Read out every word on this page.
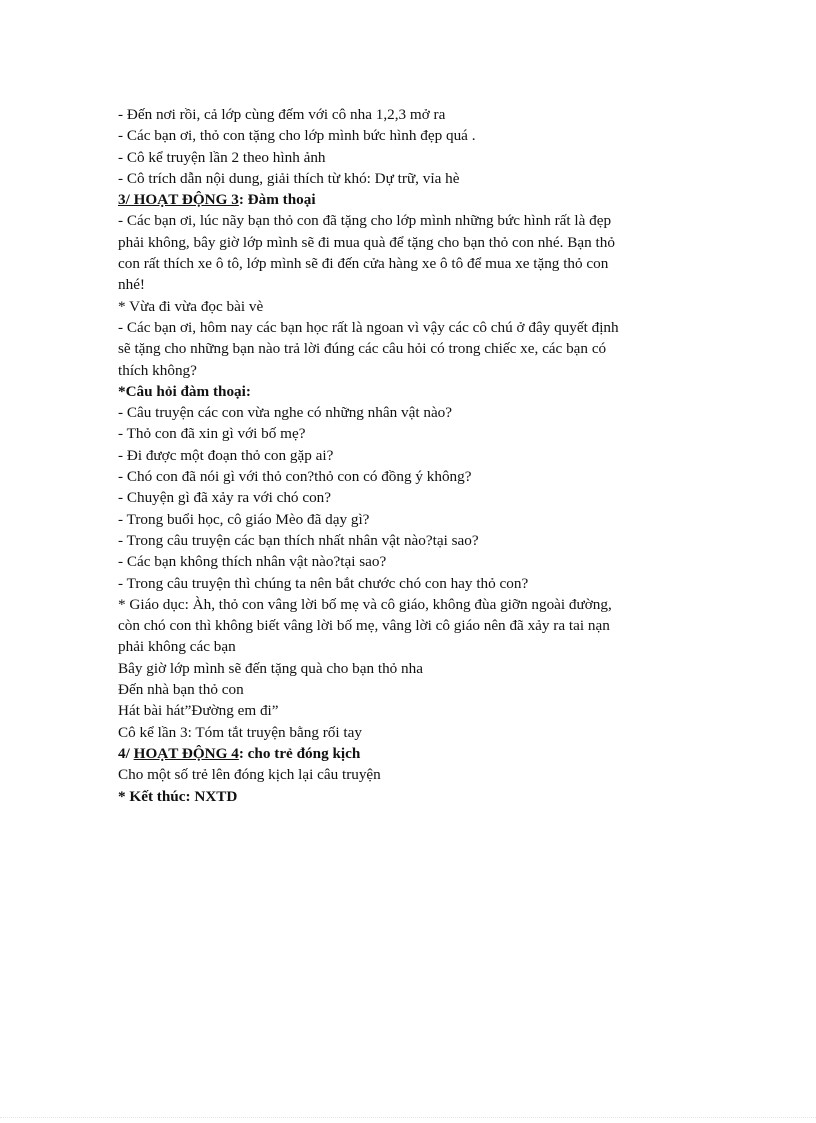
- Đến nơi rồi, cả lớp cùng đếm với cô nha 1,2,3 mở ra
- Các bạn ơi, thỏ con tặng cho lớp mình bức hình đẹp quá .
- Cô kể truyện lần 2 theo hình ảnh
- Cô trích dẫn nội dung, giải thích từ khó: Dự trữ, vỉa hè
3/ HOẠT ĐỘNG 3: Đàm thoại
- Các bạn ơi, lúc nãy bạn thỏ con đã tặng cho lớp mình những bức hình rất là đẹp
phải không, bây giờ lớp mình sẽ đi mua quà để tặng cho bạn thỏ con nhé. Bạn thỏ
con rất thích xe ô tô, lớp mình sẽ đi đến cửa hàng xe ô tô để mua xe tặng thỏ con
nhé!
* Vừa đi vừa đọc bài vè
- Các bạn ơi, hôm nay các bạn học rất là ngoan vì vậy các cô chú ở đây quyết định
sẽ tặng cho những bạn nào trả lời đúng các câu hỏi có trong chiếc xe, các bạn có
thích không?
*Câu hỏi đàm thoại:
- Câu truyện các con vừa nghe có những nhân vật nào?
- Thỏ con đã xin gì với bố mẹ?
- Đi được một đoạn thỏ con gặp ai?
- Chó con đã nói gì với thỏ con?thỏ con có đồng ý không?
- Chuyện gì đã xảy ra với chó con?
- Trong buổi học, cô giáo Mèo đã dạy gì?
- Trong câu truyện các bạn thích nhất nhân vật nào?tại sao?
- Các bạn không thích nhân vật nào?tại sao?
- Trong câu truyện thì chúng ta nên bắt chước chó con hay thỏ con?
* Giáo dục: Àh, thỏ con vâng lời bố mẹ và cô giáo, không đùa giỡn ngoài đường,
còn chó con thì không biết vâng lời bố mẹ, vâng lời cô giáo nên đã xảy ra tai nạn
phải không các bạn
Bây giờ lớp mình sẽ đến tặng quà cho bạn thỏ nha
Đến nhà bạn thỏ con
Hát bài hát”Đường em đi”
Cô kể lần 3: Tóm tắt truyện bằng rối tay
4/ HOẠT ĐỘNG 4: cho trẻ đóng kịch
Cho một số trẻ lên đóng kịch lại câu truyện
* Kết thúc: NXTD
